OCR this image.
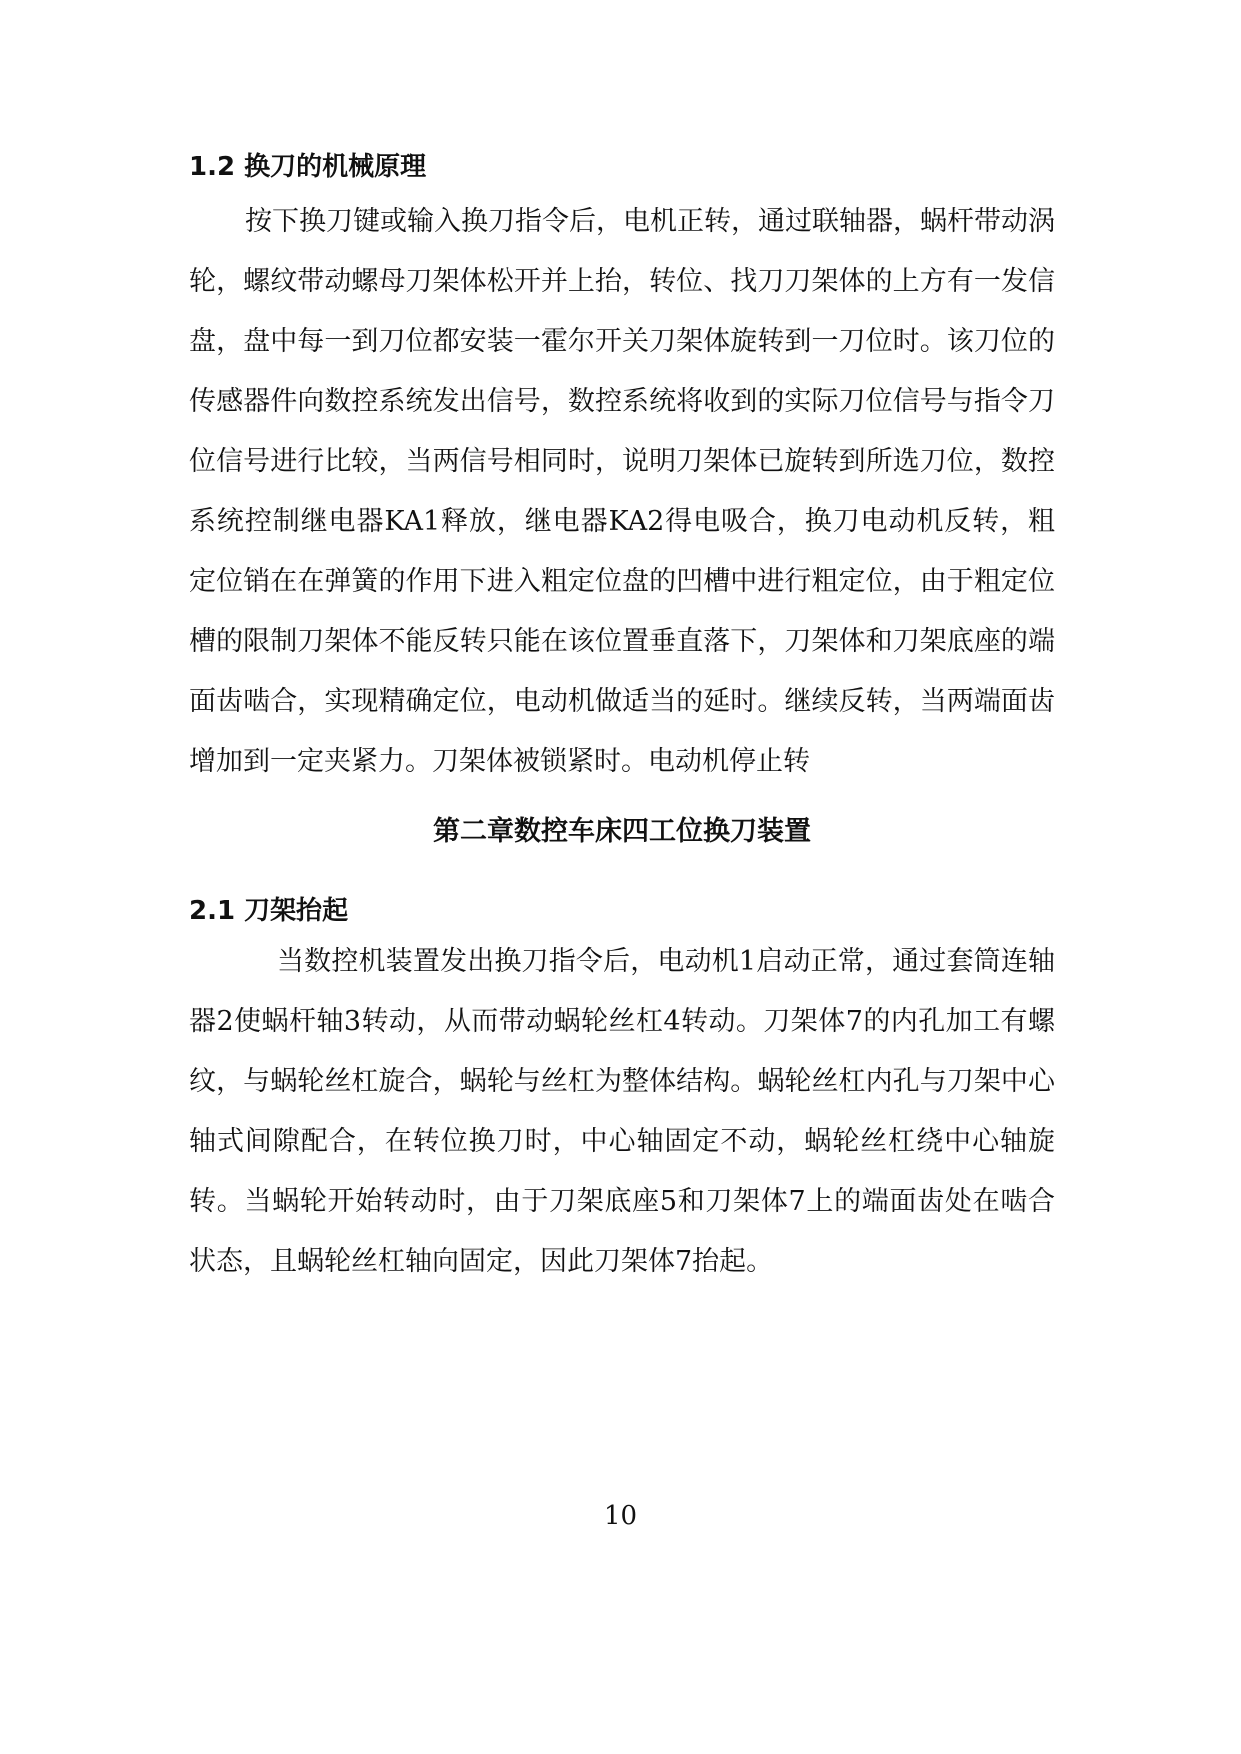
1.2 换刀的机械原理

按下换刀键或输入换刀指令后，电机正转，通过联轴器，蜗杆带动涡轮，螺纹带动螺母刀架体松开并上抬，转位、找刀刀架体的上方有一发信盘，盘中每一到刀位都安装一霍尔开关刀架体旋转到一刀位时。该刀位的传感器件向数控系统发出信号，数控系统将收到的实际刀位信号与指令刀位信号进行比较，当两信号相同时，说明刀架体已旋转到所选刀位，数控系统控制继电器KA1释放，继电器KA2得电吸合，换刀电动机反转，粗定位销在在弹簧的作用下进入粗定位盘的凹槽中进行粗定位，由于粗定位槽的限制刀架体不能反转只能在该位置垂直落下，刀架体和刀架底座的端面齿啮合，实现精确定位，电动机做适当的延时。继续反转，当两端面齿增加到一定夹紧力。刀架体被锁紧时。电动机停止转

第二章数控车床四工位换刀装置
2.1 刀架抬起

当数控机装置发出换刀指令后，电动机1启动正常，通过套筒连轴器2使蜗杆轴3转动，从而带动蜗轮丝杠4转动。刀架体7的内孔加工有螺纹，与蜗轮丝杠旋合，蜗轮与丝杠为整体结构。蜗轮丝杠内孔与刀架中心轴式间隙配合，在转位换刀时，中心轴固定不动，蜗轮丝杠绕中心轴旋转。当蜗轮开始转动时，由于刀架底座5和刀架体7上的端面齿处在啮合状态，且蜗轮丝杠轴向固定，因此刀架体7抬起。

10
